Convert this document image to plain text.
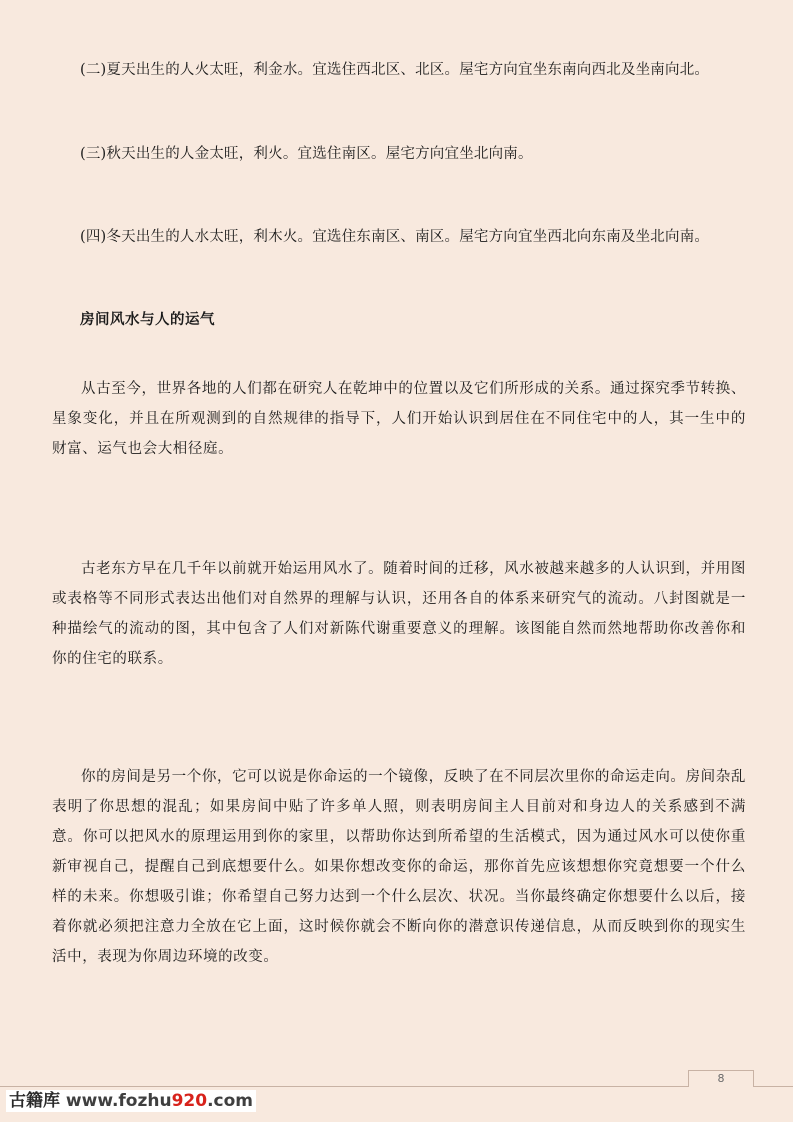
(二)夏天出生的人火太旺，利金水。宜选住西北区、北区。屋宅方向宜坐东南向西北及坐南向北。
(三)秋天出生的人金太旺，利火。宜选住南区。屋宅方向宜坐北向南。
(四)冬天出生的人水太旺，利木火。宜选住东南区、南区。屋宅方向宜坐西北向东南及坐北向南。
房间风水与人的运气

从古至今，世界各地的人们都在研究人在乾坤中的位置以及它们所形成的关系。通过探究季节转换、星象变化，并且在所观测到的自然规律的指导下，人们开始认识到居住在不同住宅中的人，其一生中的财富、运气也会大相径庭。

古老东方早在几千年以前就开始运用风水了。随着时间的迁移，风水被越来越多的人认识到，并用图或表格等不同形式表达出他们对自然界的理解与认识，还用各自的体系来研究气的流动。八封图就是一种描绘气的流动的图，其中包含了人们对新陈代谢重要意义的理解。该图能自然而然地帮助你改善你和你的住宅的联系。

你的房间是另一个你，它可以说是你命运的一个镜像，反映了在不同层次里你的命运走向。房间杂乱表明了你思想的混乱；如果房间中贴了许多单人照，则表明房间主人目前对和身边人的关系感到不满意。你可以把风水的原理运用到你的家里，以帮助你达到所希望的生活模式，因为通过风水可以使你重新审视自己，提醒自己到底想要什么。如果你想改变你的命运，那你首先应该想想你究竟想要一个什么样的未来。你想吸引谁；你希望自己努力达到一个什么层次、状况。当你最终确定你想要什么以后，接着你就必须把注意力全放在它上面，这时候你就会不断向你的潜意识传递信息，从而反映到你的现实生活中，表现为你周边环境的改变。

8
古籍库 www.fozhu920.com
